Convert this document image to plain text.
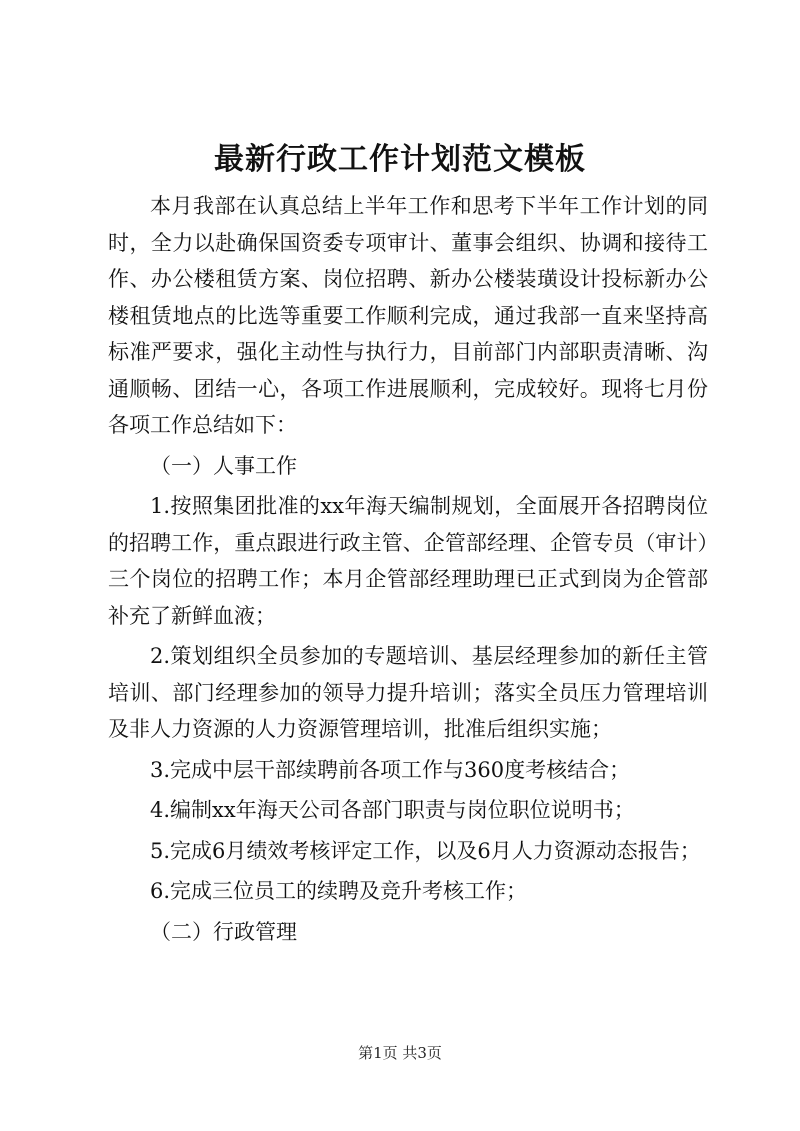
最新行政工作计划范文模板

本月我部在认真总结上半年工作和思考下半年工作计划的同时，全力以赴确保国资委专项审计、董事会组织、协调和接待工作、办公楼租赁方案、岗位招聘、新办公楼装璜设计投标新办公楼租赁地点的比选等重要工作顺利完成，通过我部一直来坚持高标准严要求，强化主动性与执行力，目前部门内部职责清晰、沟通顺畅、团结一心，各项工作进展顺利，完成较好。现将七月份各项工作总结如下：

（一）人事工作

1.按照集团批准的xx年海天编制规划，全面展开各招聘岗位的招聘工作，重点跟进行政主管、企管部经理、企管专员（审计）三个岗位的招聘工作；本月企管部经理助理已正式到岗为企管部补充了新鲜血液；

2.策划组织全员参加的专题培训、基层经理参加的新任主管培训、部门经理参加的领导力提升培训；落实全员压力管理培训及非人力资源的人力资源管理培训，批准后组织实施；

3.完成中层干部续聘前各项工作与360度考核结合；

4.编制xx年海天公司各部门职责与岗位职位说明书；

5.完成6月绩效考核评定工作，以及6月人力资源动态报告；

6.完成三位员工的续聘及竞升考核工作；

（二）行政管理

第1页 共3页
